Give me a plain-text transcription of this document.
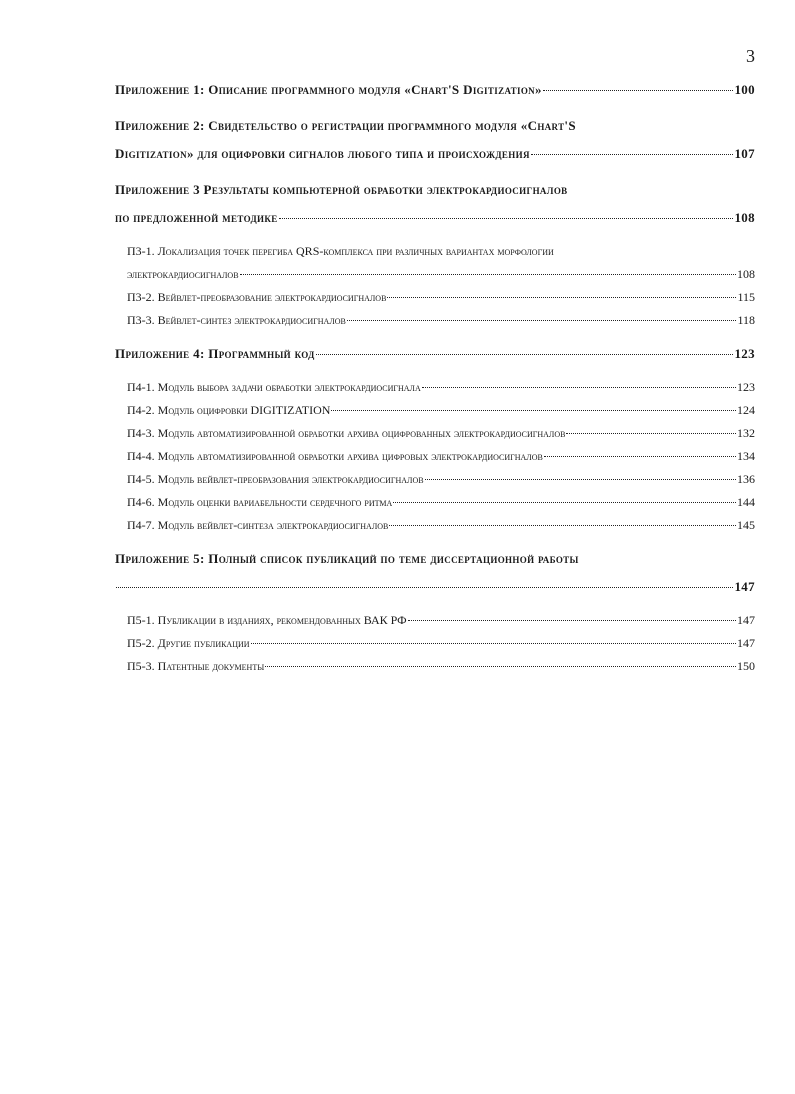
3
Приложение 1: Описание программного модуля «Chart'S Digitization»	100
Приложение 2: Свидетельство о регистрации программного модуля «Chart'S
Digitization» для оцифровки сигналов любого типа и происхождения	107
Приложение 3 Результаты компьютерной обработки электрокардиосигналов
по предложенной методике	108
П3-1. Локализация точек перегиба QRS-комплекса при различных вариантах морфологии
электрокардиосигналов	108
П3-2. Вейвлет-преобразование электрокардиосигналов	115
П3-3. Вейвлет-синтез электрокардиосигналов	118
Приложение 4: Программный код	123
П4-1. Модуль выбора задачи обработки электрокардиосигнала	123
П4-2. Модуль оцифровки DIGITIZATION	124
П4-3. Модуль автоматизированной обработки архива оцифрованных электрокардиосигналов	132
П4-4. Модуль автоматизированной обработки архива цифровых электрокардиосигналов	134
П4-5. Модуль вейвлет-преобразования электрокардиосигналов	136
П4-6. Модуль оценки вариабельности сердечного ритма	144
П4-7. Модуль вейвлет-синтеза электрокардиосигналов	145
Приложение 5: Полный список публикаций по теме диссертационной работы
147
П5-1. Публикации в изданиях, рекомендованных ВАК РФ	147
П5-2. Другие публикации	147
П5-3. Патентные документы	150
